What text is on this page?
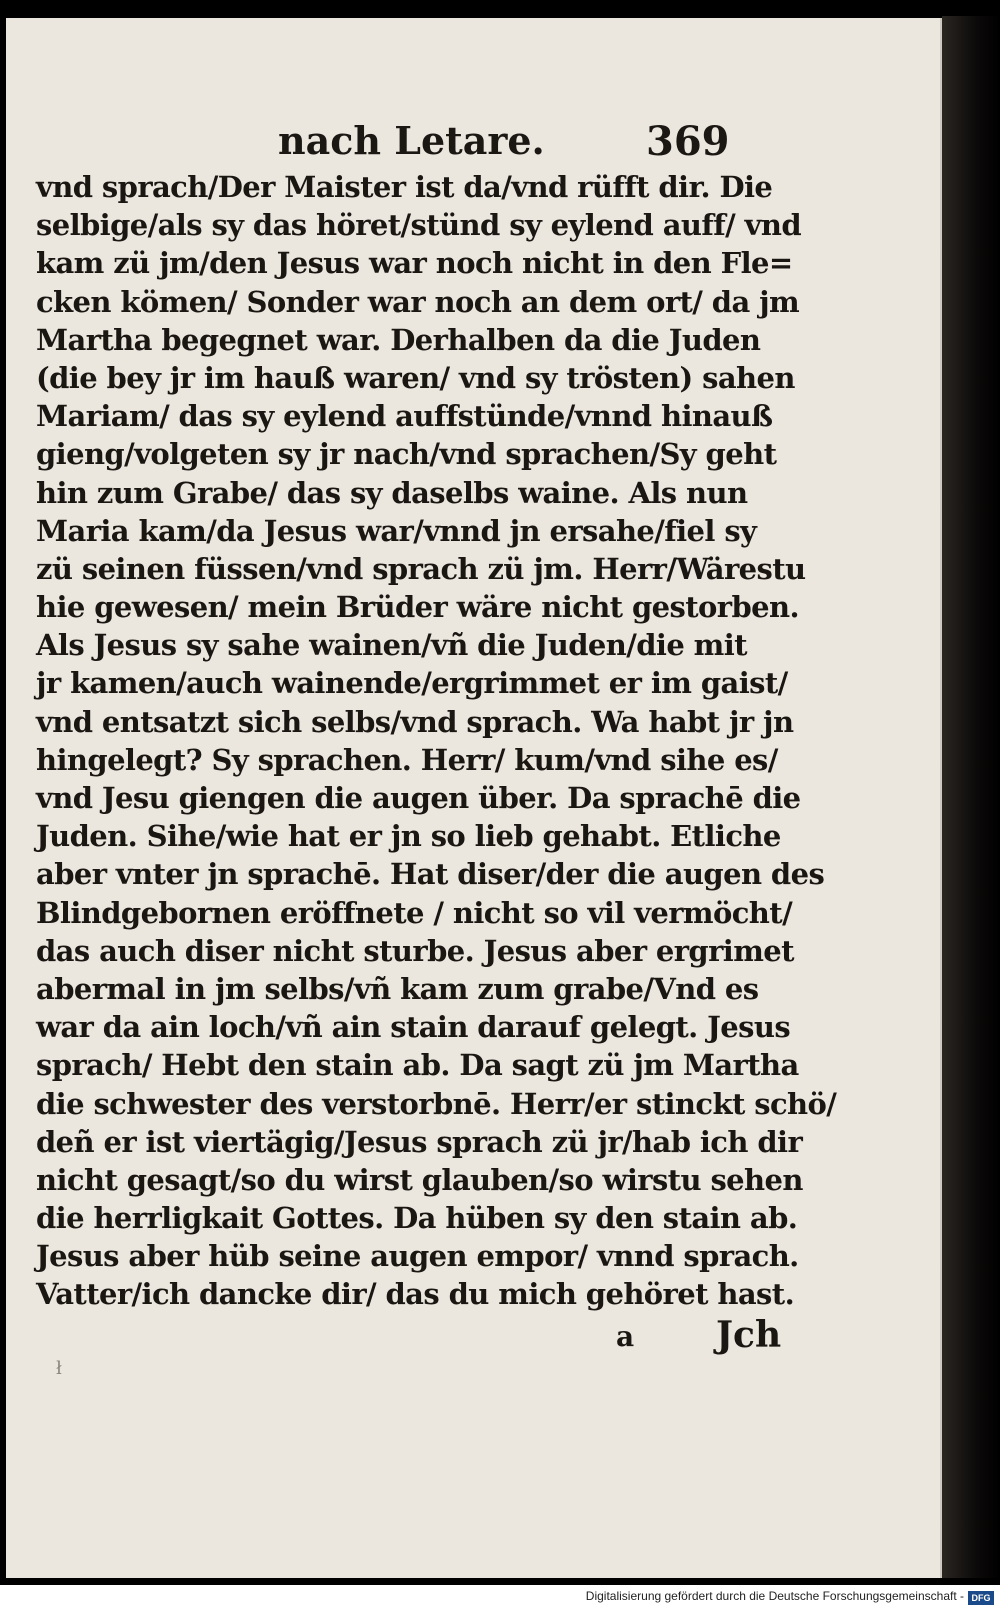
nach Letare.	369
vnd sprach/Der Maister ist da/vnd rüfft dir. Die
selbige/als sy das höret/stünd sy eylend auff/ vnd
kam zü jm/den Jesus war noch nicht in den Fle=
cken kömen/ Sonder war noch an dem ort/ da jm
Martha begegnet war. Derhalben da die Juden
(die bey jr im hauß waren/ vnd sy trösten) sahen
Mariam/ das sy eylend auffstünde/vnnd hinauß
gieng/volgeten sy jr nach/vnd sprachen/Sy geht
hin zum Grabe/ das sy daselbs waine. Als nun
Maria kam/da Jesus war/vnnd jn ersahe/fiel sy
zü seinen füssen/vnd sprach zü jm. Herr/Wärestu
hie gewesen/ mein Brüder wäre nicht gestorben.
Als Jesus sy sahe wainen/vñ die Juden/die mit
jr kamen/auch wainende/ergrimmet er im gaist/
vnd entsatzt sich selbs/vnd sprach. Wa habt jr jn
hingelegt? Sy sprachen. Herr/ kum/vnd sihe es/
vnd Jesu giengen die augen über. Da sprachē die
Juden. Sihe/wie hat er jn so lieb gehabt. Etliche
aber vnter jn sprachē. Hat diser/der die augen des
Blindgebornen eröffnete / nicht so vil vermöcht/
das auch diser nicht sturbe. Jesus aber ergrimet
abermal in jm selbs/vñ kam zum grabe/Vnd es
war da ain loch/vñ ain stain darauf gelegt. Jesus
sprach/ Hebt den stain ab. Da sagt zü jm Martha
die schwester des verstorbnē. Herr/er stinckt schö/
deñ er ist viertägig/Jesus sprach zü jr/hab ich dir
nicht gesagt/so du wirst glauben/so wirstu sehen
die herrligkait Gottes. Da hüben sy den stain ab.
Jesus aber hüb seine augen empor/ vnnd sprach.
Vatter/ich dancke dir/ das du mich gehöret hast.
a Jch
ł
Digitalisierung gefördert durch die Deutsche Forschungsgemeinschaft - DFG
